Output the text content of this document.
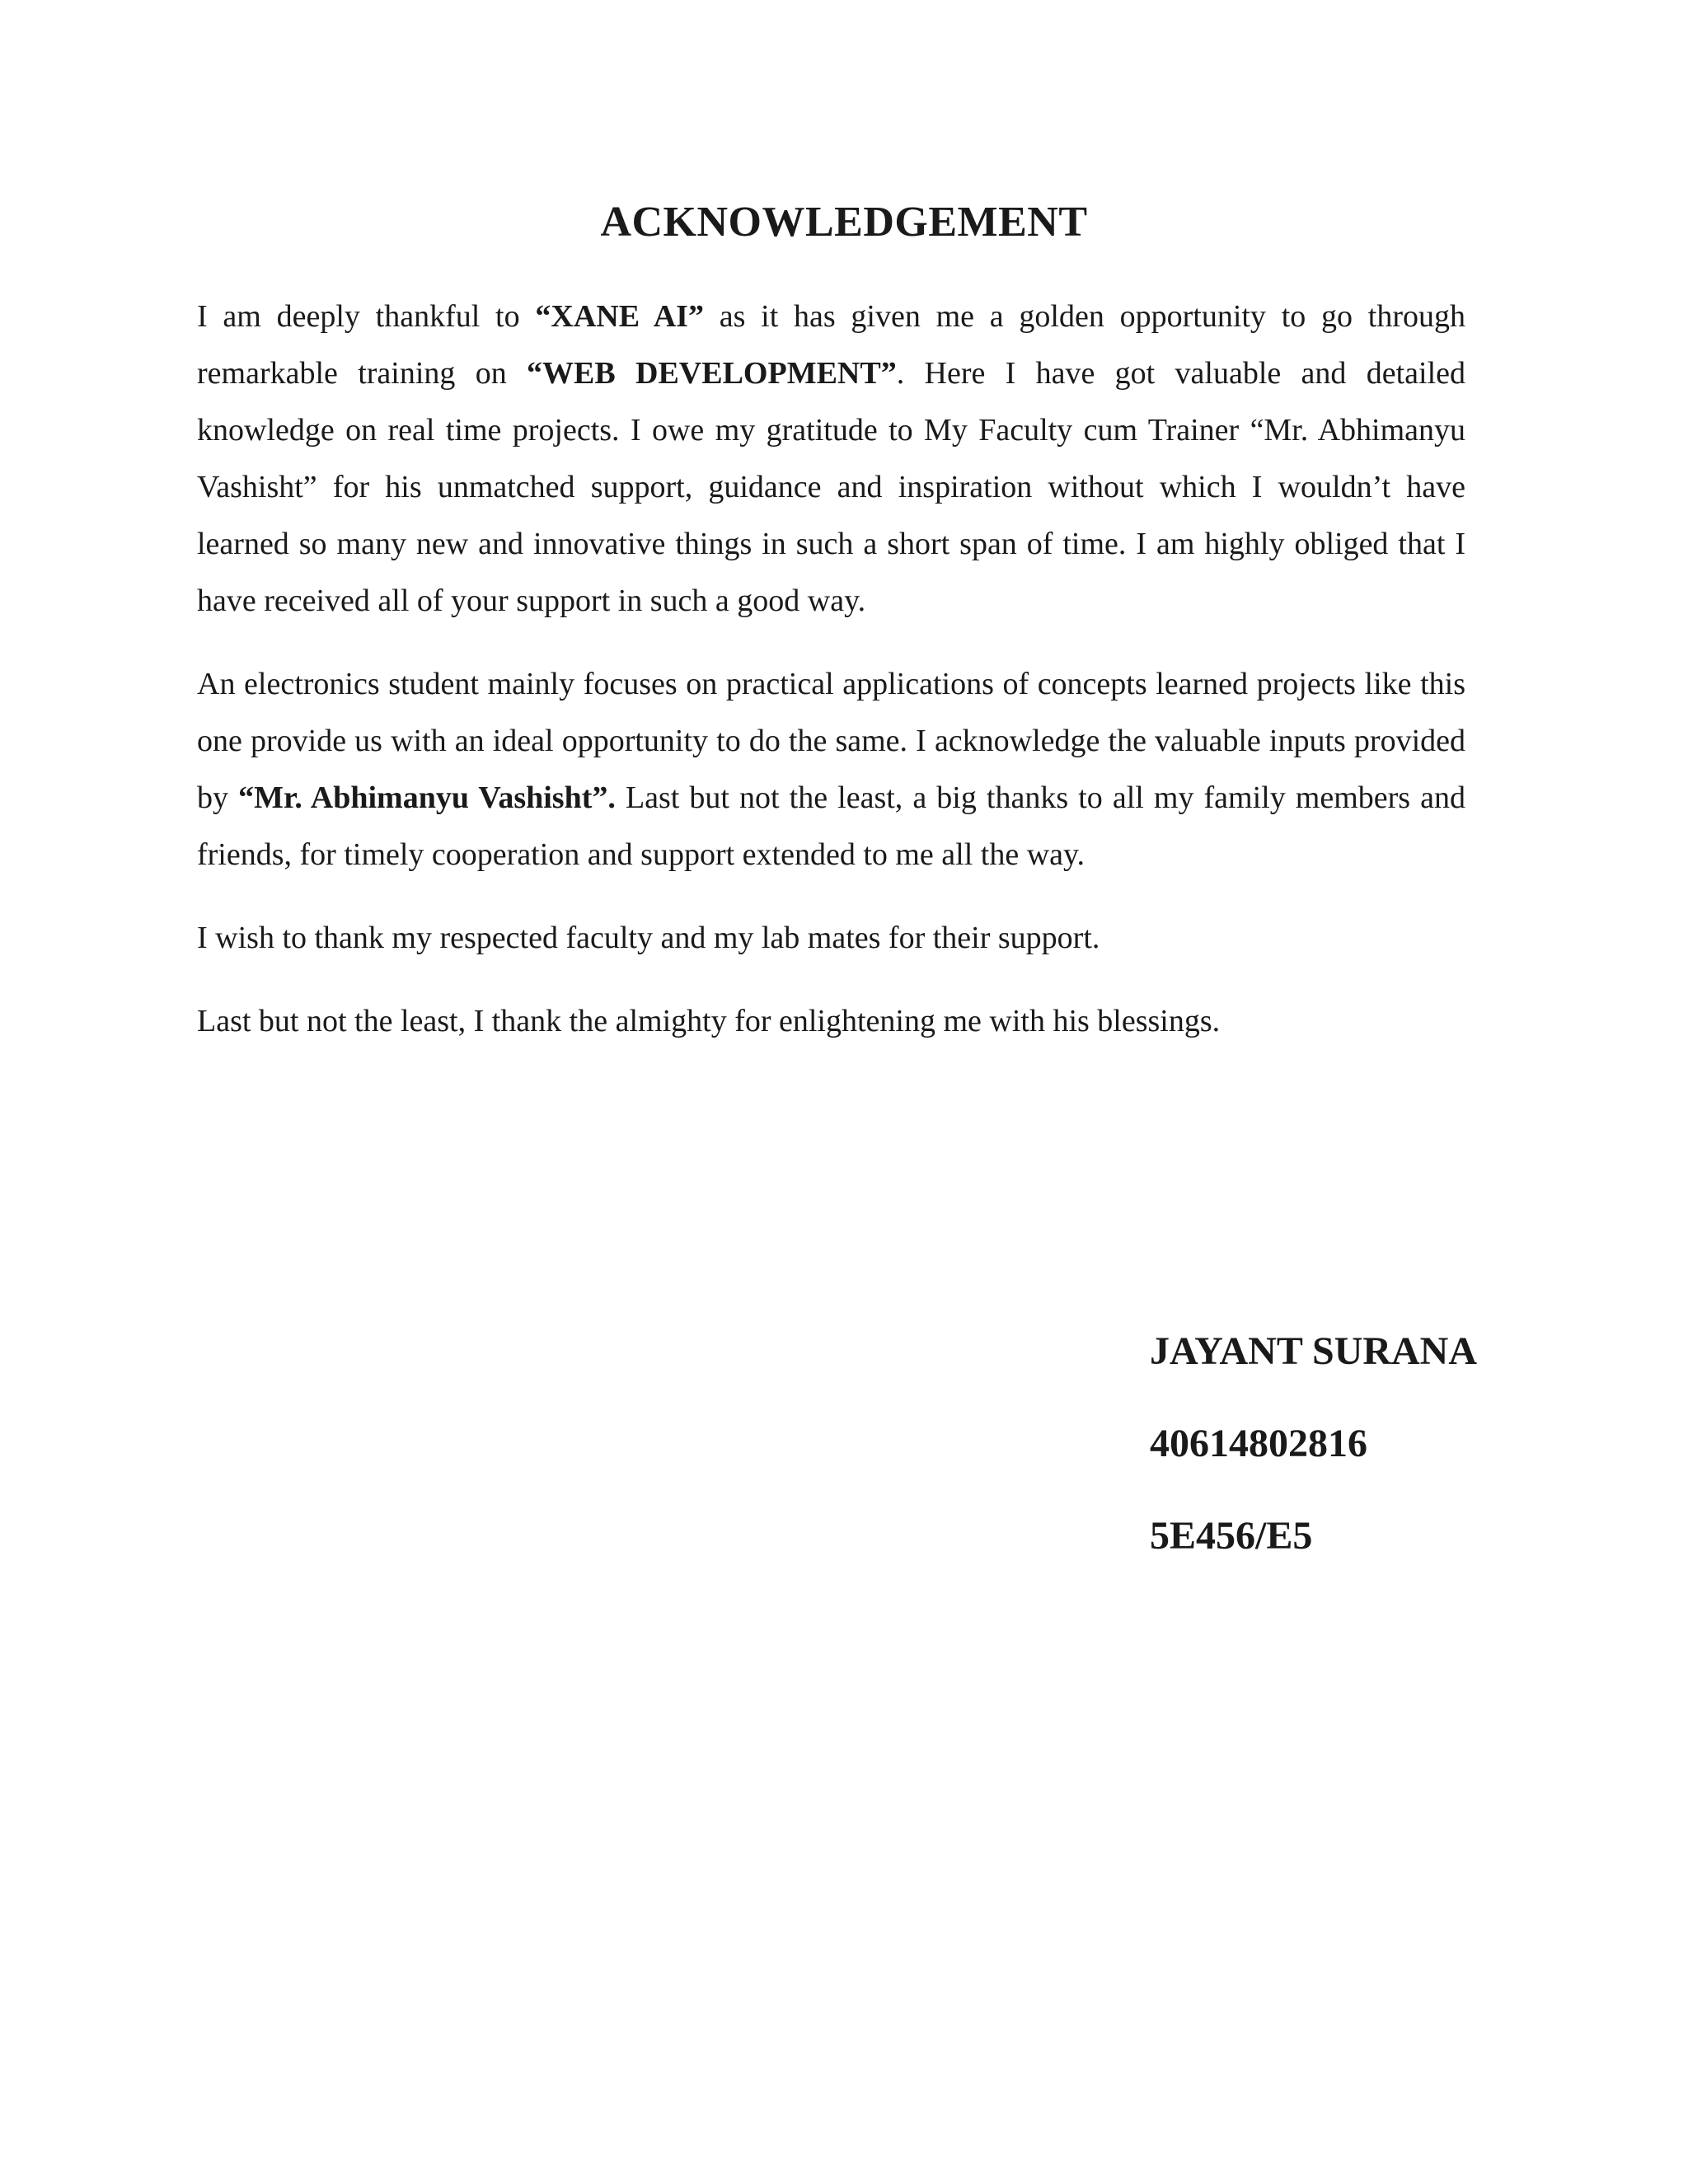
ACKNOWLEDGEMENT

I am deeply thankful to “XANE AI” as it has given me a golden opportunity to go through remarkable training on “WEB DEVELOPMENT”. Here I have got valuable and detailed knowledge on real time projects. I owe my gratitude to My Faculty cum Trainer “Mr. Abhimanyu Vashisht” for his unmatched support, guidance and inspiration without which I wouldn’t have learned so many new and innovative things in such a short span of time. I am highly obliged that I have received all of your support in such a good way.

An electronics student mainly focuses on practical applications of concepts learned projects like this one provide us with an ideal opportunity to do the same. I acknowledge the valuable inputs provided by “Mr. Abhimanyu Vashisht”. Last but not the least, a big thanks to all my family members and friends, for timely cooperation and support extended to me all the way.

I wish to thank my respected faculty and my lab mates for their support.

Last but not the least, I thank the almighty for enlightening me with his blessings.

JAYANT SURANA
40614802816
5E456/E5
